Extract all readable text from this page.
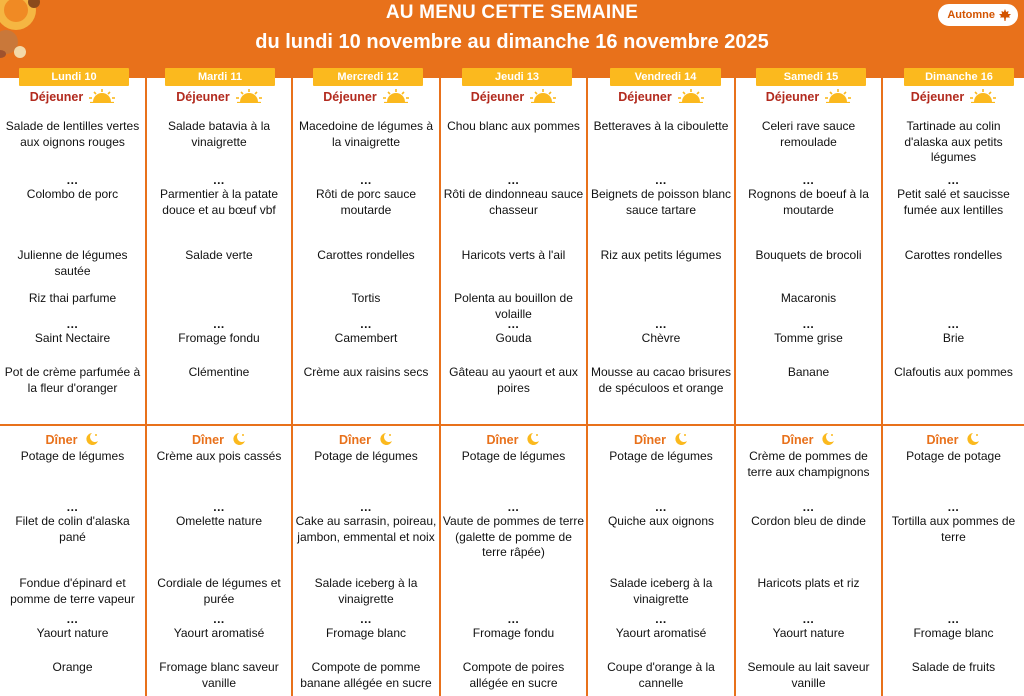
AU MENU CETTE SEMAINE
du lundi 10 novembre au dimanche 16 novembre 2025
Automne
Déjeuner
Salade de lentilles vertes aux oignons rouges
...
Colombo de porc
Julienne de légumes sautée
Riz thai parfume
...
Saint Nectaire
Pot de crème parfumée à la fleur d'oranger
Dîner
Potage de légumes
...
Filet de colin d'alaska pané
Fondue d'épinard et pomme de terre vapeur
...
Yaourt nature
Orange
Lundi 10
Déjeuner
Salade batavia à la vinaigrette
...
Parmentier à la patate douce et au bœuf vbf
Salade verte
...
Fromage fondu
Clémentine
Dîner
Crème aux pois cassés
...
Omelette nature
Cordiale de légumes et purée
...
Yaourt aromatisé
Fromage blanc saveur vanille
Mardi 11
Déjeuner
Macedoine de légumes à la vinaigrette
...
Rôti de porc sauce moutarde
Carottes rondelles
Tortis
...
Camembert
Crème aux raisins secs
Dîner
Potage de légumes
...
Cake au sarrasin, poireau, jambon, emmental et noix
Salade iceberg à la vinaigrette
...
Fromage blanc
Compote de pomme banane allégée en sucre
Mercredi 12
Déjeuner
Chou blanc aux pommes
...
Rôti de dindonneau sauce chasseur
Haricots verts à l'ail
Polenta au bouillon de volaille
...
Gouda
Gâteau au yaourt et aux poires
Dîner
Potage de légumes
...
Vaute de pommes de terre (galette de pomme de terre râpée)
...
Fromage fondu
Compote de poires allégée en sucre
Jeudi 13
Déjeuner
Betteraves à la ciboulette
...
Beignets de poisson blanc sauce tartare
Riz aux petits légumes
...
Chèvre
Mousse au cacao brisures de spéculoos et orange
Dîner
Potage de légumes
...
Quiche aux oignons
Salade iceberg à la vinaigrette
...
Yaourt aromatisé
Coupe d'orange à la cannelle
Vendredi 14
Déjeuner
Celeri rave sauce remoulade
...
Rognons de boeuf à la moutarde
Bouquets de brocoli
Macaronis
...
Tomme grise
Banane
Dîner
Crème de pommes de terre aux champignons
...
Cordon bleu de dinde
Haricots plats et riz
...
Yaourt nature
Semoule au lait saveur vanille
Samedi 15
Déjeuner
Tartinade au colin d'alaska aux petits légumes
...
Petit salé et saucisse fumée aux lentilles
Carottes rondelles
...
Brie
Clafoutis aux pommes
Dîner
Potage de potage
...
Tortilla aux pommes de terre
...
Fromage blanc
Salade de fruits
Dimanche 16
